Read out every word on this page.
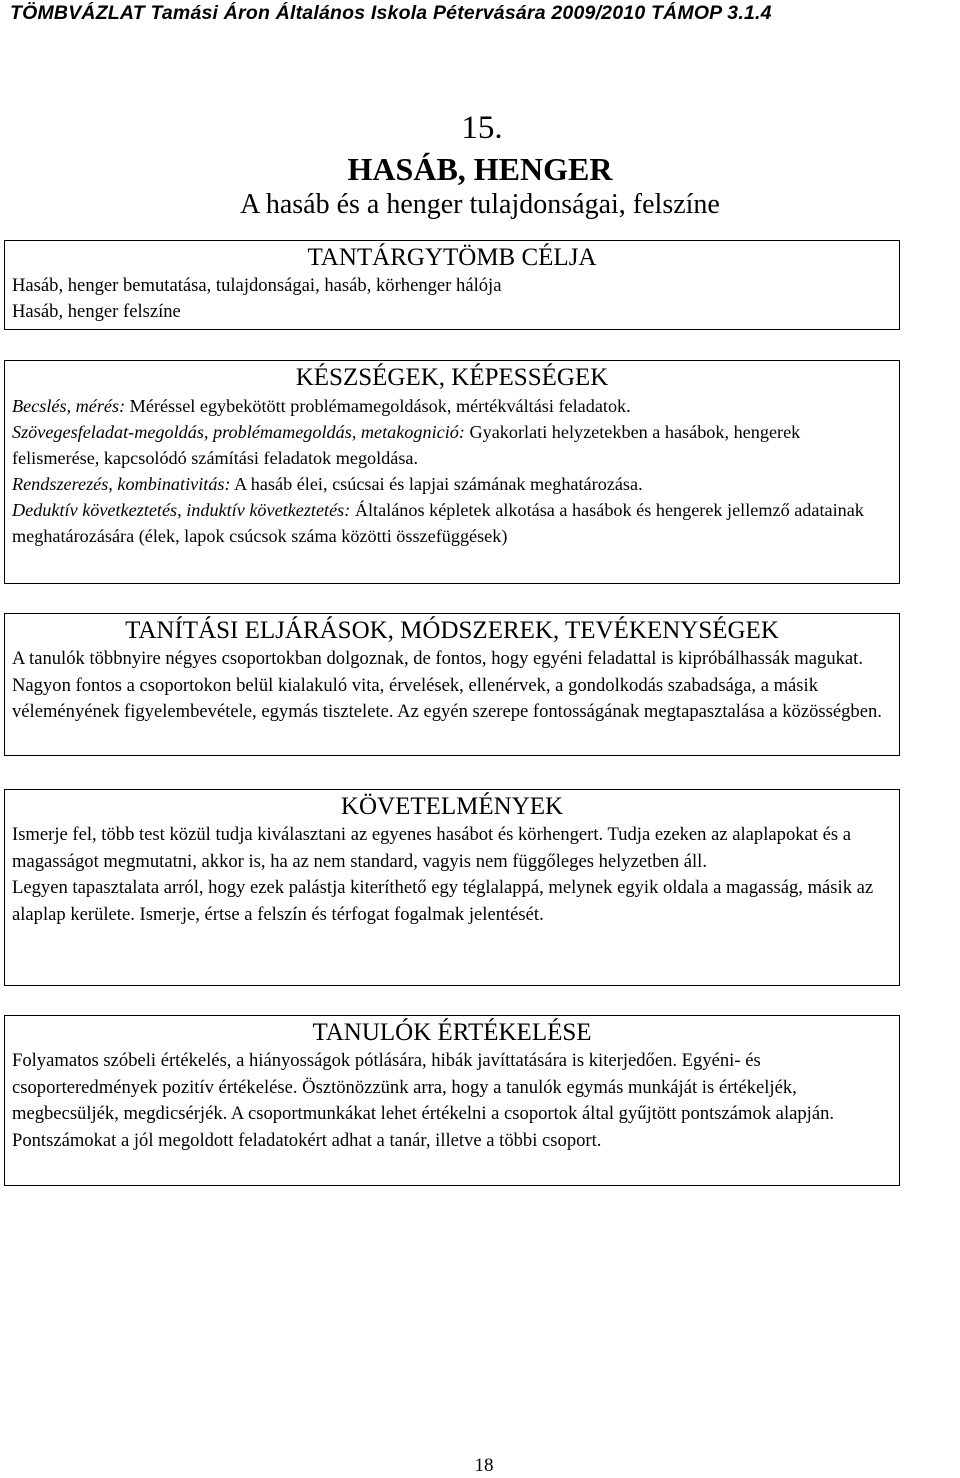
TÖMBVÁZLAT Tamási Áron Általános Iskola Pétervására 2009/2010 TÁMOP 3.1.4
15.
HASÁB, HENGER
A hasáb és a henger tulajdonságai, felszíne
TANTÁRGYTÖMB CÉLJA

Hasáb, henger bemutatása, tulajdonságai, hasáb, körhenger hálója

Hasáb, henger felszíne

KÉSZSÉGEK, KÉPESSÉGEK

Becslés, mérés: Méréssel egybekötött problémamegoldások, mértékváltási feladatok.

Szövegesfeladat-megoldás, problémamegoldás, metakognició: Gyakorlati helyzetekben a hasábok, hengerek felismerése, kapcsolódó számítási feladatok megoldása.

Rendszerezés, kombinativitás: A hasáb élei, csúcsai és lapjai számának meghatározása.

Deduktív következtetés, induktív következtetés: Általános képletek alkotása a hasábok és hengerek jellemző adatainak meghatározására (élek, lapok csúcsok száma közötti összefüggések)

TANÍTÁSI ELJÁRÁSOK, MÓDSZEREK, TEVÉKENYSÉGEK

A tanulók többnyire négyes csoportokban dolgoznak, de fontos, hogy egyéni feladattal is kipróbálhassák magukat. Nagyon fontos a csoportokon belül kialakuló vita, érvelések, ellenérvek, a gondolkodás szabadsága, a másik véleményének figyelembevétele, egymás tisztelete. Az egyén szerepe fontosságának megtapasztalása a közösségben.

KÖVETELMÉNYEK

Ismerje fel, több test közül tudja kiválasztani az egyenes hasábot és körhengert. Tudja ezeken az alaplapokat és a magasságot megmutatni, akkor is, ha az nem standard, vagyis nem függőleges helyzetben áll.

Legyen tapasztalata arról, hogy ezek palástja kiteríthető egy téglalappá, melynek egyik oldala a magasság, másik az alaplap kerülete. Ismerje, értse a felszín és térfogat fogalmak jelentését.

TANULÓK ÉRTÉKELÉSE

Folyamatos szóbeli értékelés, a hiányosságok pótlására, hibák javíttatására is kiterjedően. Egyéni- és csoporteredmények pozitív értékelése. Ösztönözzünk arra, hogy a tanulók egymás munkáját is értékeljék, megbecsüljék, megdicsérjék. A csoportmunkákat lehet értékelni a csoportok által gyűjtött pontszámok alapján. Pontszámokat a jól megoldott feladatokért adhat a tanár, illetve a többi csoport.

18
